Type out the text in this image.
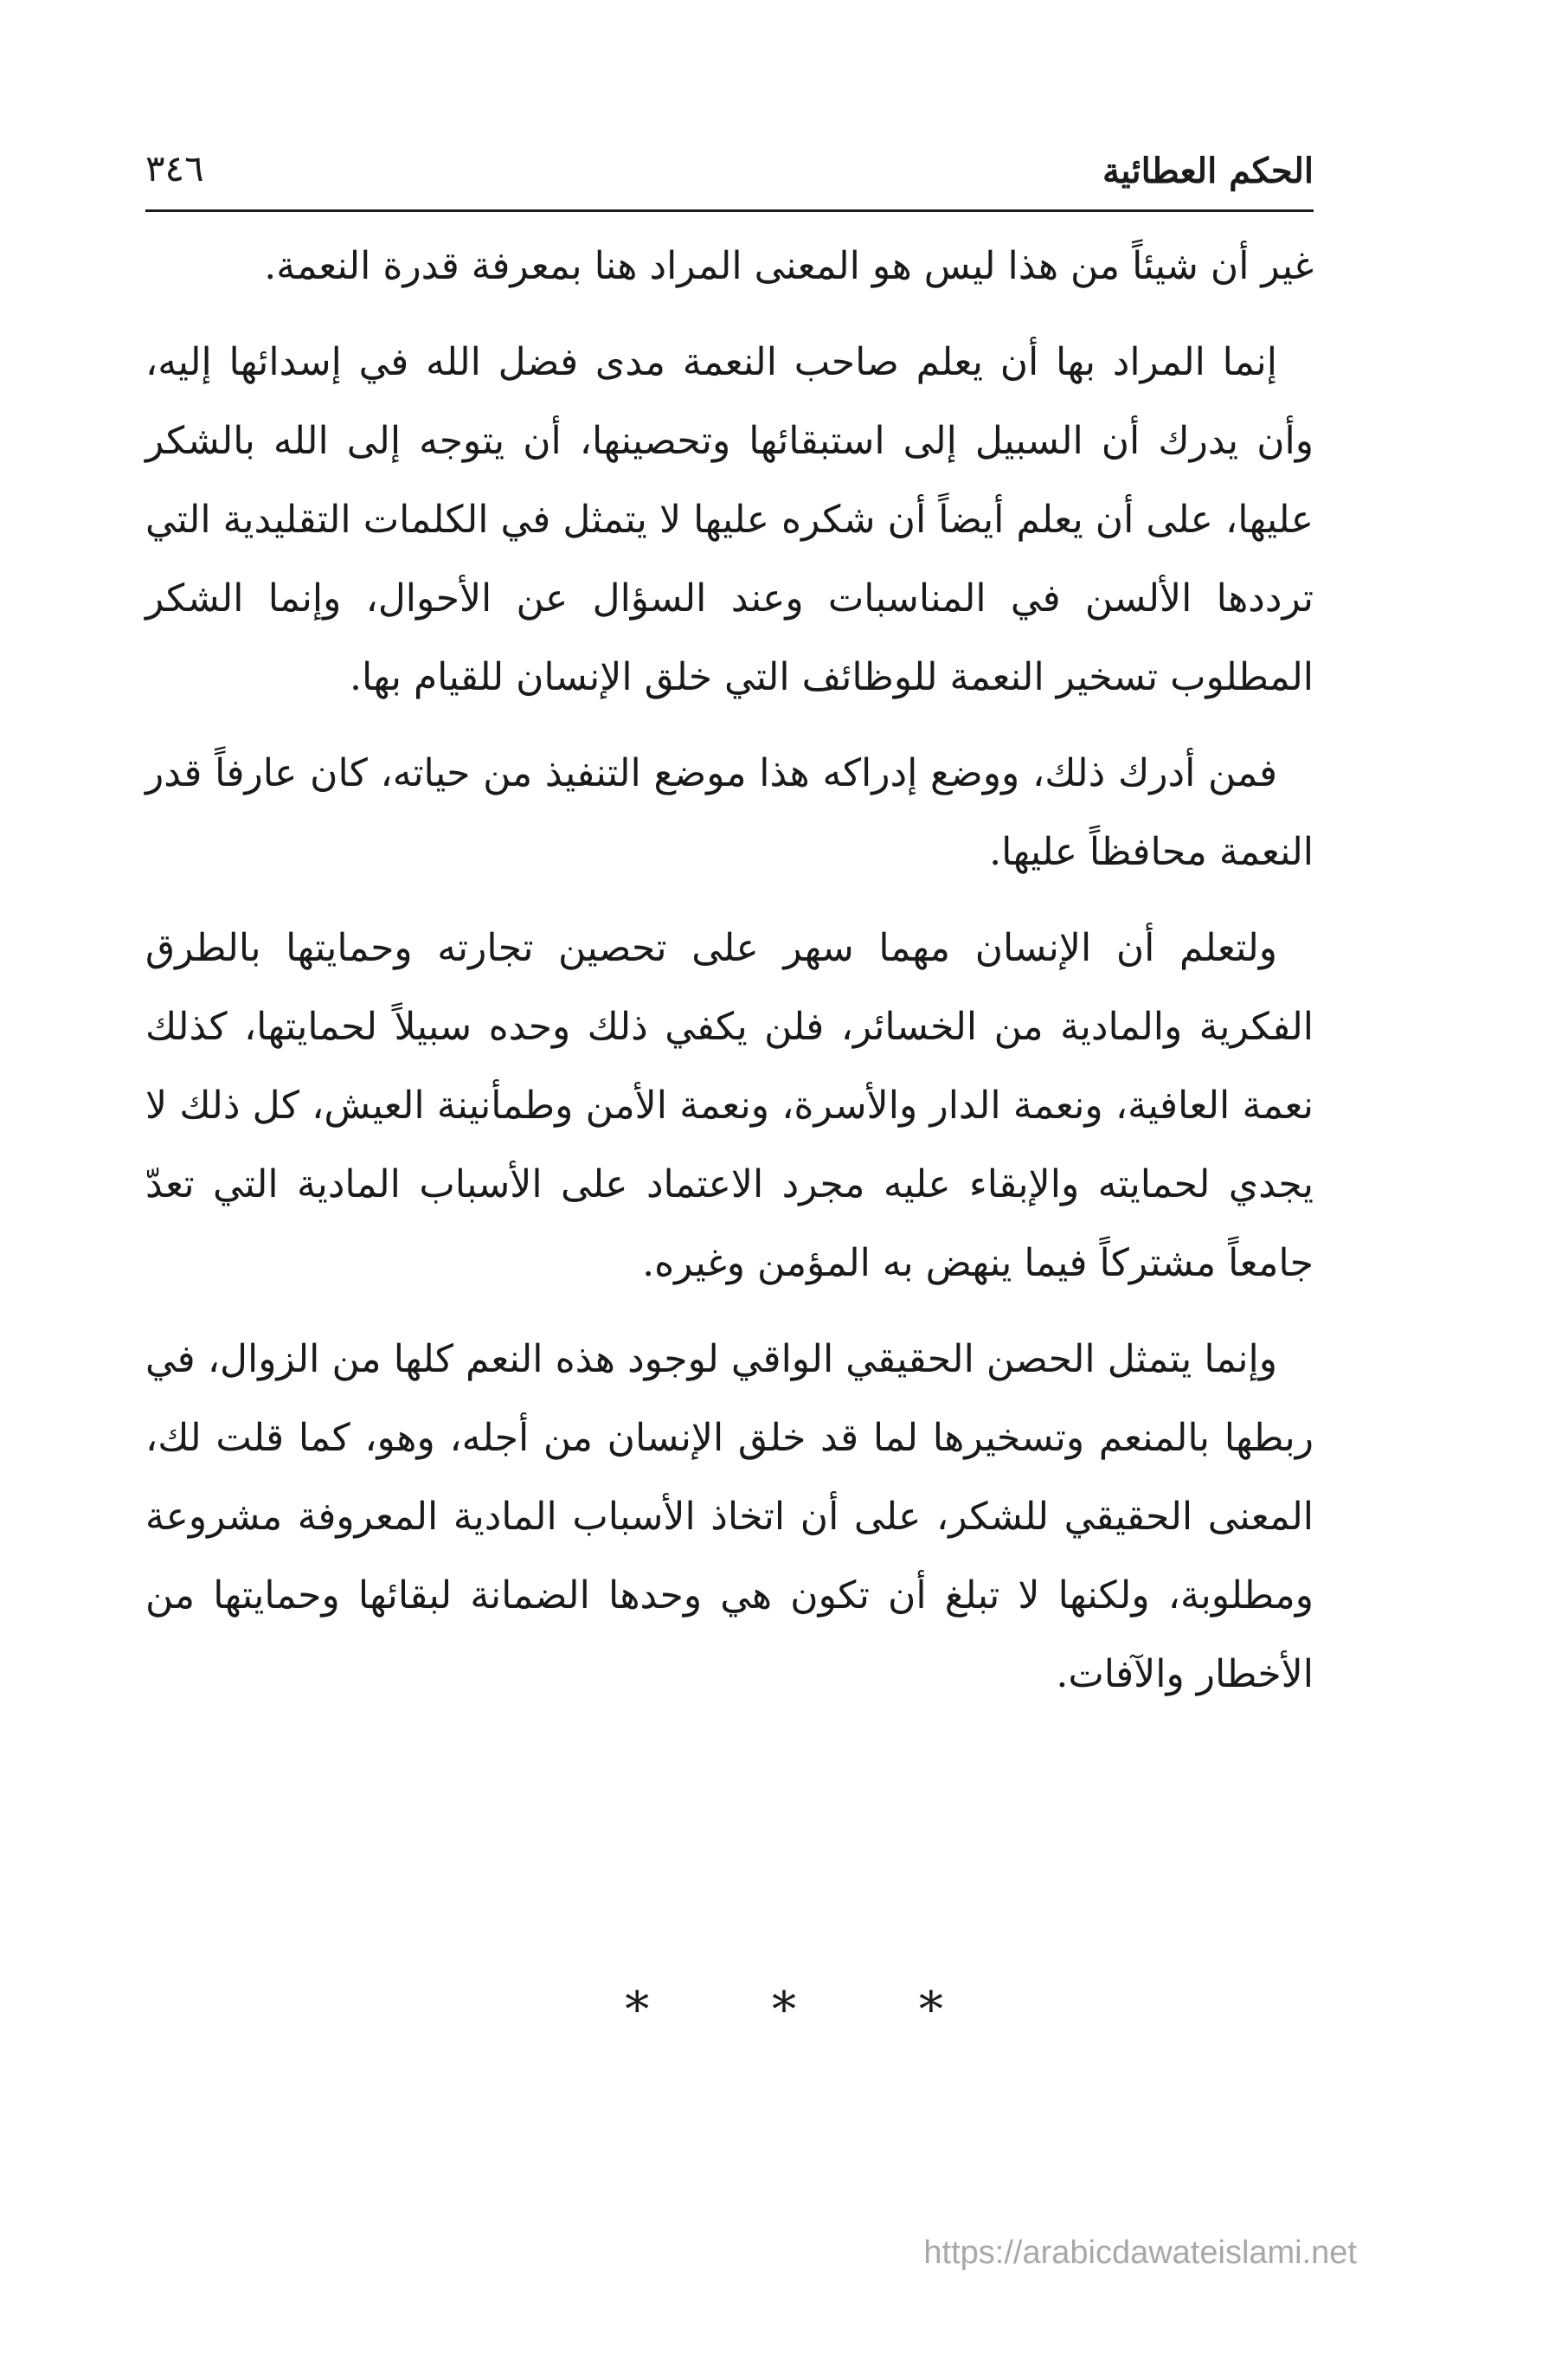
الحكم العطائية
٣٤٦

غير أن شيئاً من هذا ليس هو المعنى المراد هنا بمعرفة قدرة النعمة.

إنما المراد بها أن يعلم صاحب النعمة مدى فضل الله في إسدائها إليه، وأن يدرك أن السبيل إلى استبقائها وتحصينها، أن يتوجه إلى الله بالشكر عليها، على أن يعلم أيضاً أن شكره عليها لا يتمثل في الكلمات التقليدية التي ترددها الألسن في المناسبات وعند السؤال عن الأحوال، وإنما الشكر المطلوب تسخير النعمة للوظائف التي خلق الإنسان للقيام بها.

فمن أدرك ذلك، ووضع إدراكه هذا موضع التنفيذ من حياته، كان عارفاً قدر النعمة محافظاً عليها.

ولتعلم أن الإنسان مهما سهر على تحصين تجارته وحمايتها بالطرق الفكرية والمادية من الخسائر، فلن يكفي ذلك وحده سبيلاً لحمايتها، كذلك نعمة العافية، ونعمة الدار والأسرة، ونعمة الأمن وطمأنينة العيش، كل ذلك لا يجدي لحمايته والإبقاء عليه مجرد الاعتماد على الأسباب المادية التي تعدّ جامعاً مشتركاً فيما ينهض به المؤمن وغيره.

وإنما يتمثل الحصن الحقيقي الواقي لوجود هذه النعم كلها من الزوال، في ربطها بالمنعم وتسخيرها لما قد خلق الإنسان من أجله، وهو، كما قلت لك، المعنى الحقيقي للشكر، على أن اتخاذ الأسباب المادية المعروفة مشروعة ومطلوبة، ولكنها لا تبلغ أن تكون هي وحدها الضمانة لبقائها وحمايتها من الأخطار والآفات.

*	*	*
https://arabicdawateislami.net
